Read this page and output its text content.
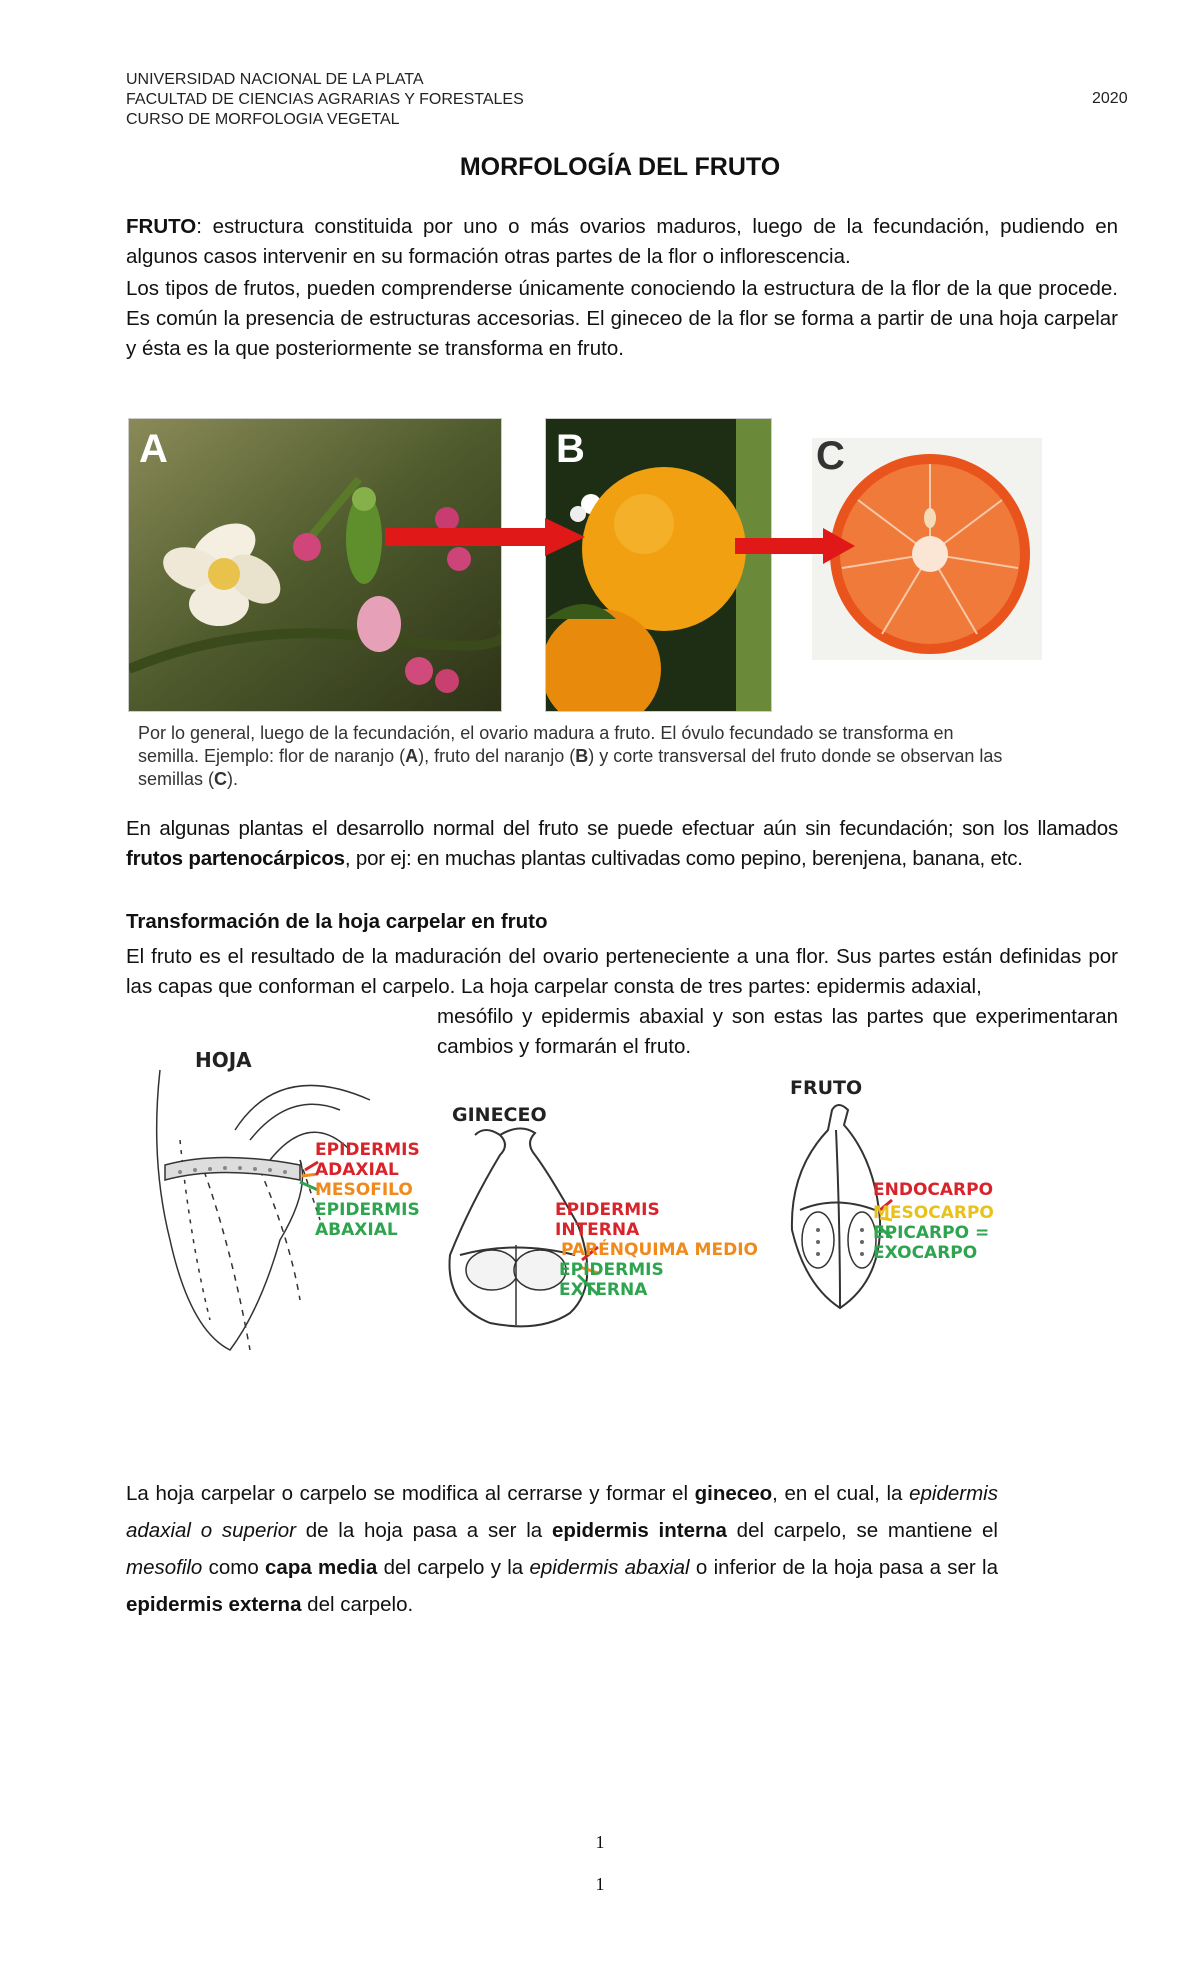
UNIVERSIDAD NACIONAL DE LA PLATA
FACULTAD DE CIENCIAS AGRARIAS Y FORESTALES
CURSO DE MORFOLOGIA VEGETAL
2020
MORFOLOGÍA DEL FRUTO

FRUTO: estructura constituida por uno o más ovarios maduros, luego de la fecundación, pudiendo en algunos casos intervenir en su formación otras partes de la flor o inflorescencia.

Los tipos de frutos, pueden comprenderse únicamente conociendo la estructura de la flor de la que procede. Es común la presencia de estructuras accesorias. El gineceo de la flor se forma a partir de una hoja carpelar y ésta es la que posteriormente se transforma en fruto.

A	B	C
Por lo general, luego de la fecundación, el ovario madura a fruto. El óvulo fecundado se transforma en semilla. Ejemplo: flor de naranjo (A), fruto del naranjo (B) y corte transversal del fruto donde se observan las semillas (C).
En algunas plantas el desarrollo normal del fruto se puede efectuar aún sin fecundación; son los llamados frutos partenocárpicos, por ej: en muchas plantas cultivadas como pepino, berenjena, banana, etc.
Transformación de la hoja carpelar en fruto
El fruto es el resultado de la maduración del ovario perteneciente a una flor. Sus partes están definidas por las capas que conforman el carpelo. La hoja carpelar consta de tres partes: epidermis adaxial,
mesófilo y epidermis abaxial y son estas las partes que experimentaran cambios y formarán el fruto.
HOJA
EPIDERMIS
ADAXIAL
MESOFILO
EPIDERMIS
ABAXIAL
GINECEO
EPIDERMIS
INTERNA
PARÉNQUIMA MEDIO
EPIDERMIS
EXTERNA
FRUTO
ENDOCARPO
MESOCARPO
EPICARPO =
EXOCARPO
La hoja carpelar o carpelo se modifica al cerrarse y formar el gineceo, en el cual, la epidermis adaxial o superior de la hoja pasa a ser la epidermis interna del carpelo, se mantiene el mesofilo como capa media del carpelo y la epidermis abaxial o inferior de la hoja pasa a ser la epidermis externa del carpelo.
1
1
